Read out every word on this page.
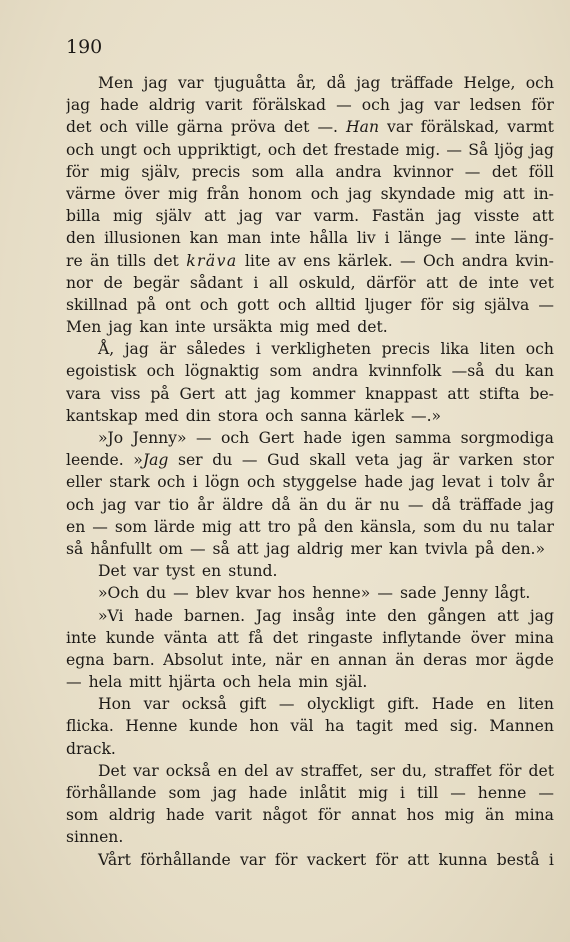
190
Men jag var tjuguåtta år, då jag träffade Helge, och
jag hade aldrig varit förälskad — och jag var ledsen för
det och ville gärna pröva det —. Han var förälskad, varmt
och ungt och uppriktigt, och det frestade mig. — Så ljög jag
för mig själv, precis som alla andra kvinnor — det föll
värme över mig från honom och jag skyndade mig att in-
billa mig själv att jag var varm. Fastän jag visste att
den illusionen kan man inte hålla liv i länge — inte läng-
re än tills det kräva lite av ens kärlek. — Och andra kvin-
nor de begär sådant i all oskuld, därför att de inte vet
skillnad på ont och gott och alltid ljuger för sig själva —
Men jag kan inte ursäkta mig med det.
Å, jag är således i verkligheten precis lika liten och
egoistisk och lögnaktig som andra kvinnfolk —så du kan
vara viss på Gert att jag kommer knappast att stifta be-
kantskap med din stora och sanna kärlek —.»
»Jo Jenny» — och Gert hade igen samma sorgmodiga
leende. »Jag ser du — Gud skall veta jag är varken stor
eller stark och i lögn och styggelse hade jag levat i tolv år
och jag var tio år äldre då än du är nu — då träffade jag
en — som lärde mig att tro på den känsla, som du nu talar
så hånfullt om — så att jag aldrig mer kan tvivla på den.»
Det var tyst en stund.
»Och du — blev kvar hos henne» — sade Jenny lågt.
»Vi hade barnen. Jag insåg inte den gången att jag
inte kunde vänta att få det ringaste inflytande över mina
egna barn. Absolut inte, när en annan än deras mor ägde
— hela mitt hjärta och hela min själ.
Hon var också gift — olyckligt gift. Hade en liten
flicka. Henne kunde hon väl ha tagit med sig. Mannen
drack.
Det var också en del av straffet, ser du, straffet för det
förhållande som jag hade inlåtit mig i till — henne —
som aldrig hade varit något för annat hos mig än mina
sinnen.
Vårt förhållande var för vackert för att kunna bestå i
